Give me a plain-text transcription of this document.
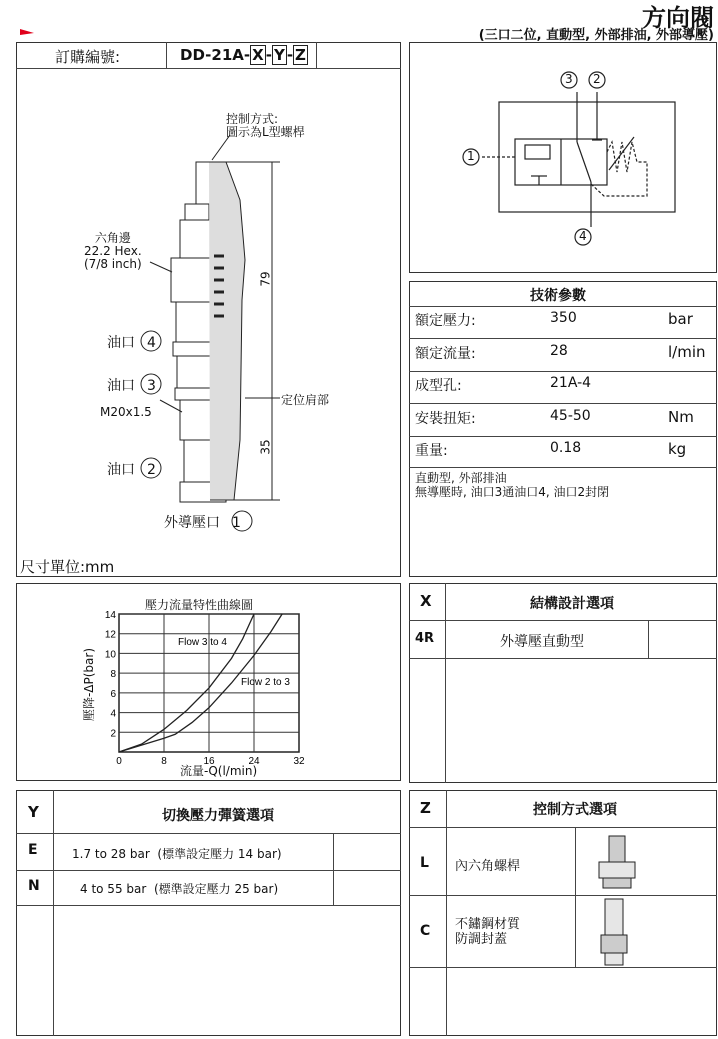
方向閥
(三口二位, 直動型, 外部排油, 外部導壓)
訂購編號:	DD-21A- X - Y - Z
控制方式:
圖示為L型螺桿
六角邊
22.2 Hex.
(7/8 inch)
油口 4
油口 3
M20x1.5
油口 2
外導壓口 1
79
35
定位肩部
尺寸單位:mm
3 2
4
1
技術參數
額定壓力:	350	bar
額定流量:	28	l/min
成型孔:	21A-4
安裝扭矩:	45-50	Nm
重量:	0.18	kg
直動型, 外部排油
無導壓時, 油口3通油口4, 油口2封閉
壓力流量特性曲線圖
流量-Q(l/min)
壓降-ΔP(bar)
2
4
6
8
10
12
14
0	8	16	24	32
Flow 3 to 4
Flow 2 to 3
X	結構設計選項
4R	外導壓直動型
Y	切換壓力彈簧選項
E	1.7 to 28 bar (標準設定壓力 14 bar)
N	4 to 55 bar (標準設定壓力 25 bar)
Z	控制方式選項
L 內六角螺桿
C 不鏽鋼材質
防調封蓋
